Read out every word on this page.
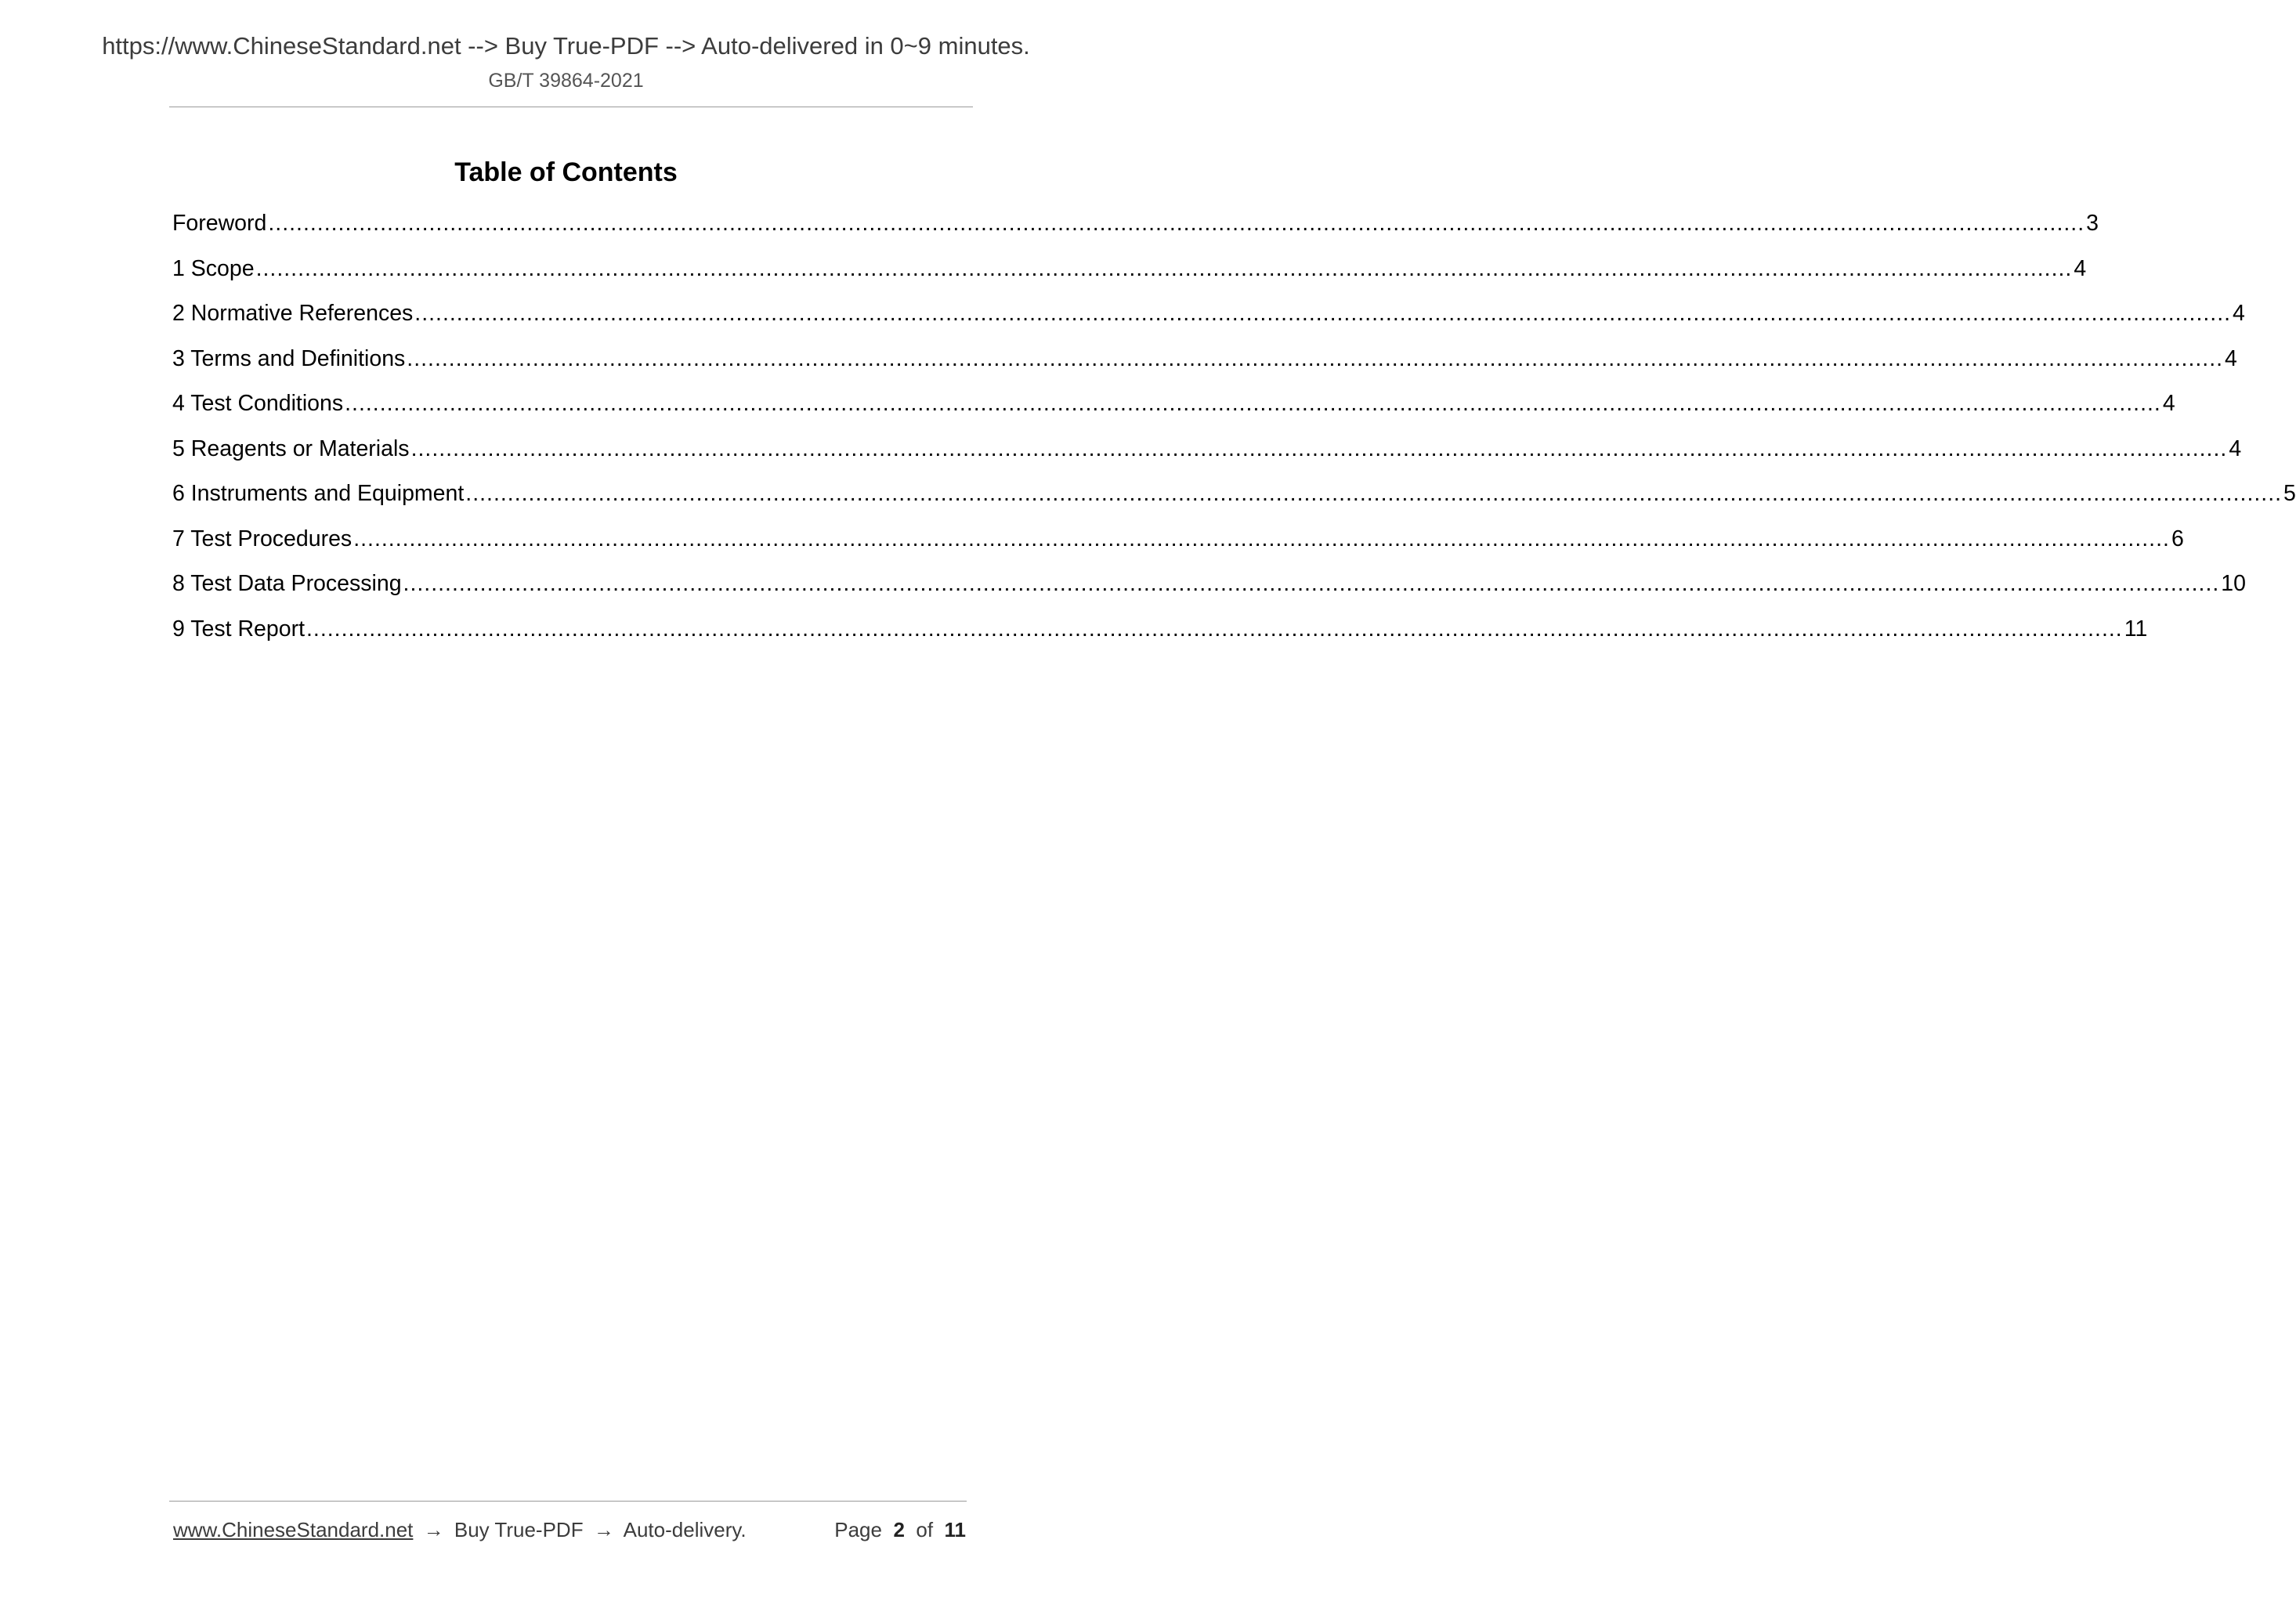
https://www.ChineseStandard.net --> Buy True-PDF --> Auto-delivered in 0~9 minutes.
GB/T 39864-2021
Table of Contents
Foreword .................................................................................................................................................................................................................................................................... 3
1 Scope .................................................................................................................................................................................................................................................................... 4
2 Normative References .................................................................................................................................................................................................................................................................... 4
3 Terms and Definitions .................................................................................................................................................................................................................................................................... 4
4 Test Conditions .................................................................................................................................................................................................................................................................... 4
5 Reagents or Materials .................................................................................................................................................................................................................................................................... 4
6 Instruments and Equipment .................................................................................................................................................................................................................................................................... 5
7 Test Procedures .................................................................................................................................................................................................................................................................... 6
8 Test Data Processing .................................................................................................................................................................................................................................................................... 10
9 Test Report .................................................................................................................................................................................................................................................................... 11
www.ChineseStandard.net → Buy True-PDF → Auto-delivery.	Page 2 of 11
